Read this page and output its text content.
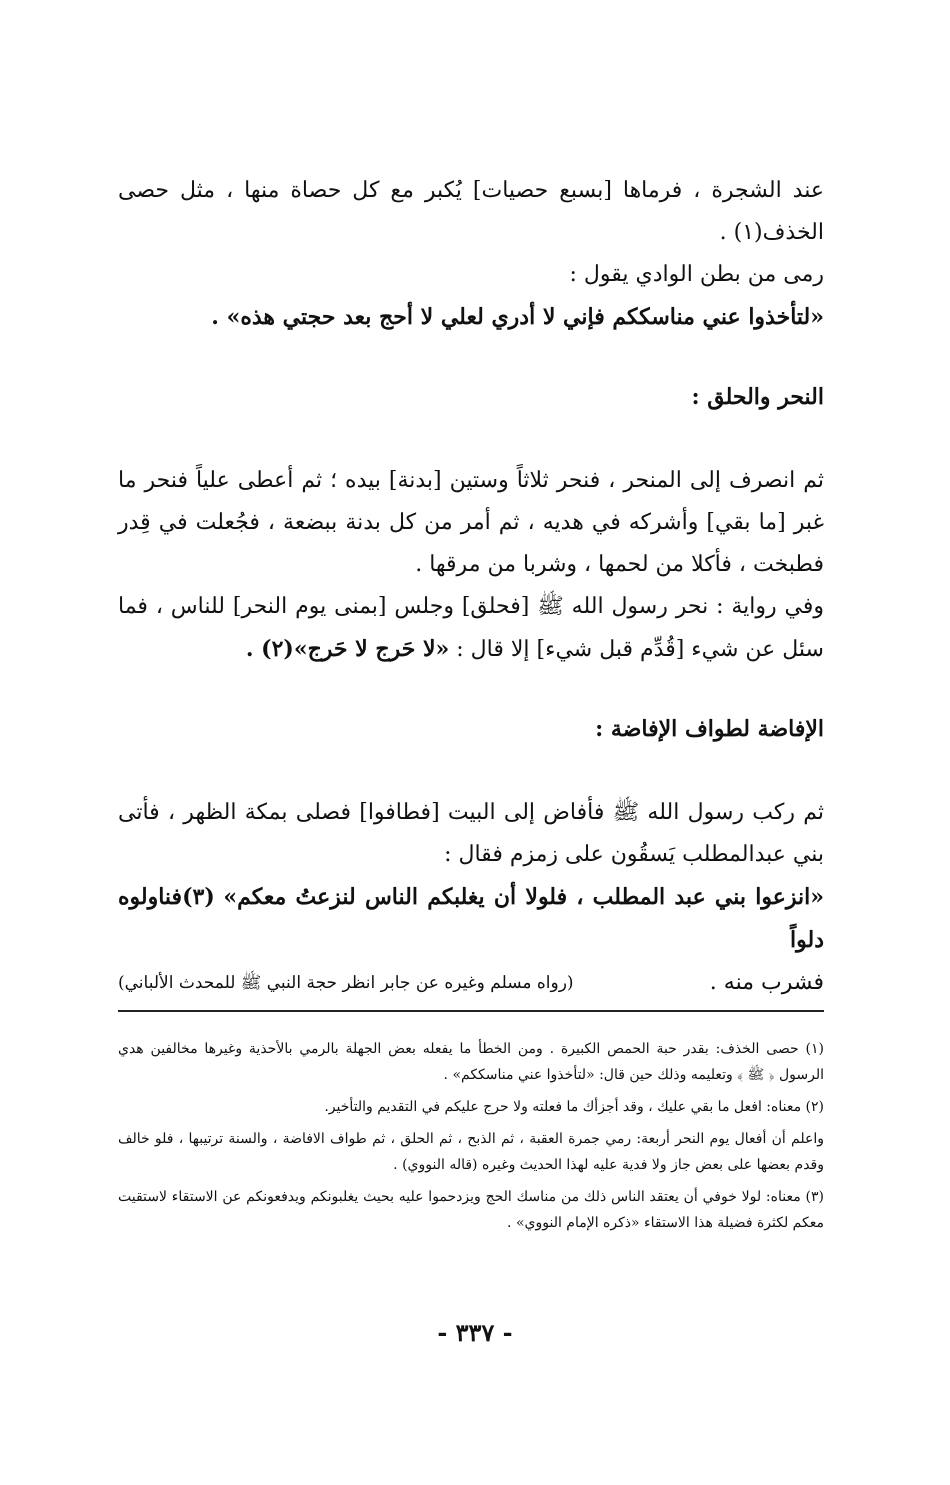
عند الشجرة ، فرماها [بسبع حصيات] يُكبر مع كل حصاة منها ، مثل حصى الخذف(١) .

رمى من بطن الوادي يقول :

«لتأخذوا عني مناسككم فإني لا أدري لعلي لا أحج بعد حجتي هذه» .

النحر والحلق :

ثم انصرف إلى المنحر ، فنحر ثلاثاً وستين [بدنة] بيده ؛ ثم أعطى علياً فنحر ما غبر [ما بقي] وأشركه في هديه ، ثم أمر من كل بدنة ببضعة ، فجُعلت في قِدر فطبخت ، فأكلا من لحمها ، وشربا من مرقها .

وفي رواية : نحر رسول الله ﷺ [فحلق] وجلس [بمنى يوم النحر] للناس ، فما سئل عن شيء [قُدِّم قبل شيء] إلا قال : «لا حَرج لا حَرج»(٢) .

الإفاضة لطواف الإفاضة :

ثم ركب رسول الله ﷺ فأفاض إلى البيت [فطافوا] فصلى بمكة الظهر ، فأتى بني عبدالمطلب يَسقُون على زمزم فقال :

«انزعوا بني عبد المطلب ، فلولا أن يغلبكم الناس لنزعتُ معكم» (٣)فناولوه دلواً

فشرب منه .
(رواه مسلم وغيره عن جابر انظر حجة النبي ﷺ للمحدث الألباني)

(١) حصى الخذف: بقدر حبة الحمص الكبيرة . ومن الخطأ ما يفعله بعض الجهلة بالرمي بالأحذية وغيرها مخالفين هدي الرسول ﴿ ﷺ ﴾ وتعليمه وذلك حين قال: «لتأخذوا عني مناسككم» .

(٢) معناه: افعل ما بقي عليك ، وقد أجزأك ما فعلته ولا حرج عليكم في التقديم والتأخير.

واعلم أن أفعال يوم النحر أربعة: رمي جمرة العقبة ، ثم الذبح ، ثم الحلق ، ثم طواف الافاضة ، والسنة ترتيبها ، فلو خالف وقدم بعضها على بعض جاز ولا فدية عليه لهذا الحديث وغيره (قاله النووي) .

(٣) معناه: لولا خوفي أن يعتقد الناس ذلك من مناسك الحج ويزدحموا عليه بحيث يغلبونكم ويدفعونكم عن الاستقاء لاستقيت معكم لكثرة فضيلة هذا الاستقاء «ذكره الإمام النووي» .

- ٣٣٧ -
